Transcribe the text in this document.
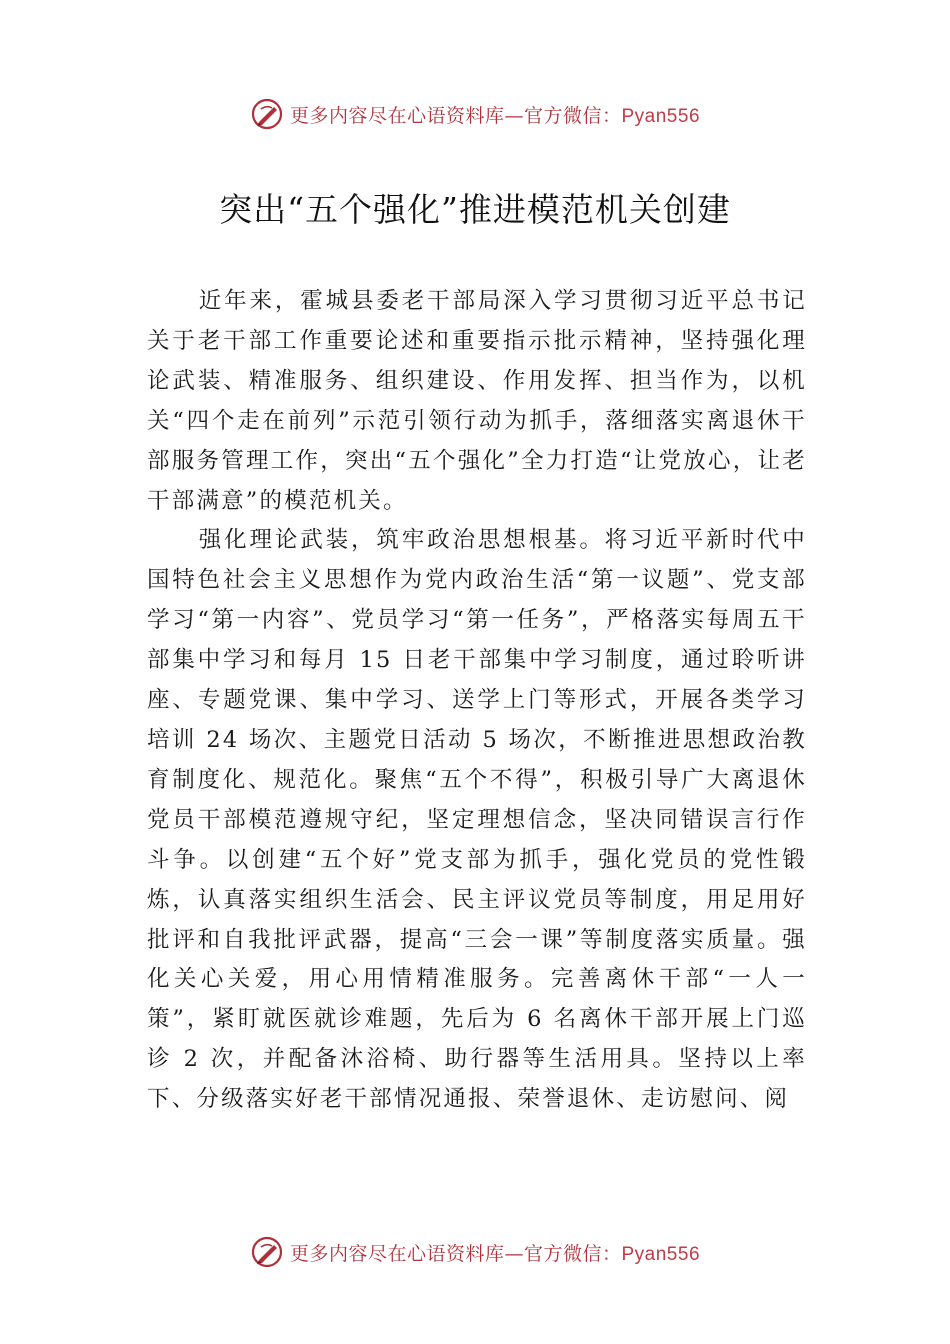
更多内容尽在心语资料库—官方微信：Pyan556
突出“五个强化”推进模范机关创建

近年来，霍城县委老干部局深入学习贯彻习近平总书记关于老干部工作重要论述和重要指示批示精神，坚持强化理论武装、精准服务、组织建设、作用发挥、担当作为，以机关“四个走在前列”示范引领行动为抓手，落细落实离退休干部服务管理工作，突出“五个强化”全力打造“让党放心，让老干部满意”的模范机关。

强化理论武装，筑牢政治思想根基。将习近平新时代中国特色社会主义思想作为党内政治生活“第一议题”、党支部学习“第一内容”、党员学习“第一任务”，严格落实每周五干部集中学习和每月 15 日老干部集中学习制度，通过聆听讲座、专题党课、集中学习、送学上门等形式，开展各类学习培训 24 场次、主题党日活动 5 场次，不断推进思想政治教育制度化、规范化。聚焦“五个不得”，积极引导广大离退休党员干部模范遵规守纪，坚定理想信念，坚决同错误言行作斗争。以创建“五个好”党支部为抓手，强化党员的党性锻炼，认真落实组织生活会、民主评议党员等制度，用足用好批评和自我批评武器，提高“三会一课”等制度落实质量。强化关心关爱，用心用情精准服务。完善离休干部“一人一策”，紧盯就医就诊难题，先后为 6 名离休干部开展上门巡诊 2 次，并配备沐浴椅、助行器等生活用具。坚持以上率下、分级落实好老干部情况通报、荣誉退休、走访慰问、阅

更多内容尽在心语资料库—官方微信：Pyan556
